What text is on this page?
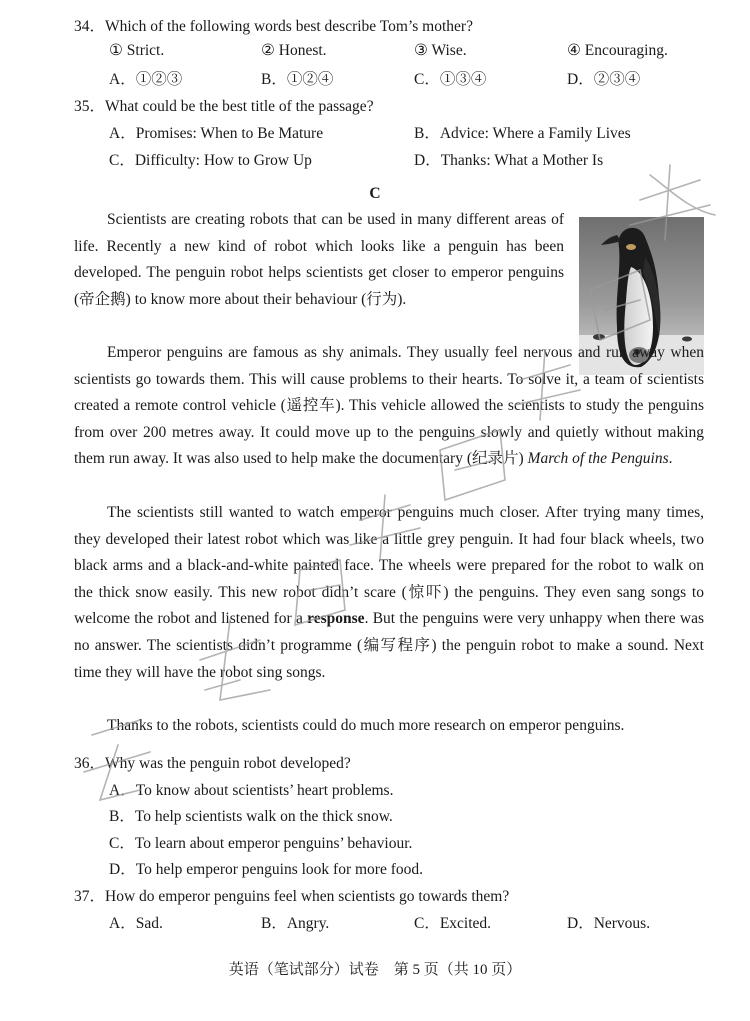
34．Which of the following words best describe Tom’s mother?
① Strict.	② Honest.	③ Wise.	④ Encouraging.
A．①②③	B．①②④	C．①③④	D．②③④
35．What could be the best title of the passage?
A．Promises: When to Be Mature	B．Advice: Where a Family Lives
C．Difficulty: How to Grow Up	D．Thanks: What a Mother Is
C

Scientists are creating robots that can be used in many different areas of life. Recently a new kind of robot which looks like a penguin has been developed. The penguin robot helps scientists get closer to emperor penguins (帝企鹅) to know more about their behaviour (行为).

Emperor penguins are famous as shy animals. They usually feel nervous and run away when scientists go towards them. This will cause problems to their hearts. To solve it, a team of scientists created a remote control vehicle (遥控车). This vehicle allowed the scientists to study the penguins from over 200 metres away. It could move up to the penguins slowly and quietly without making them run away. It was also used to help make the documentary (纪录片) March of the Penguins.

The scientists still wanted to watch emperor penguins much closer. After trying many times, they developed their latest robot which was like a little grey penguin. It had four black wheels, two black arms and a black-and-white painted face. The wheels were prepared for the robot to walk on the thick snow easily. This new robot didn’t scare (惊吓) the penguins. They even sang songs to welcome the robot and listened for a response. But the penguins were very unhappy when there was no answer. The scientists didn’t programme (编写程序) the penguin robot to make a sound. Next time they will have the robot sing songs.

Thanks to the robots, scientists could do much more research on emperor penguins.

36．Why was the penguin robot developed?
A．To know about scientists’ heart problems.
B．To help scientists walk on the thick snow.
C．To learn about emperor penguins’ behaviour.
D．To help emperor penguins look for more food.
37．How do emperor penguins feel when scientists go towards them?
A．Sad.	B．Angry.	C．Excited.	D．Nervous.
英语（笔试部分）试卷　第 5 页（共 10 页）
